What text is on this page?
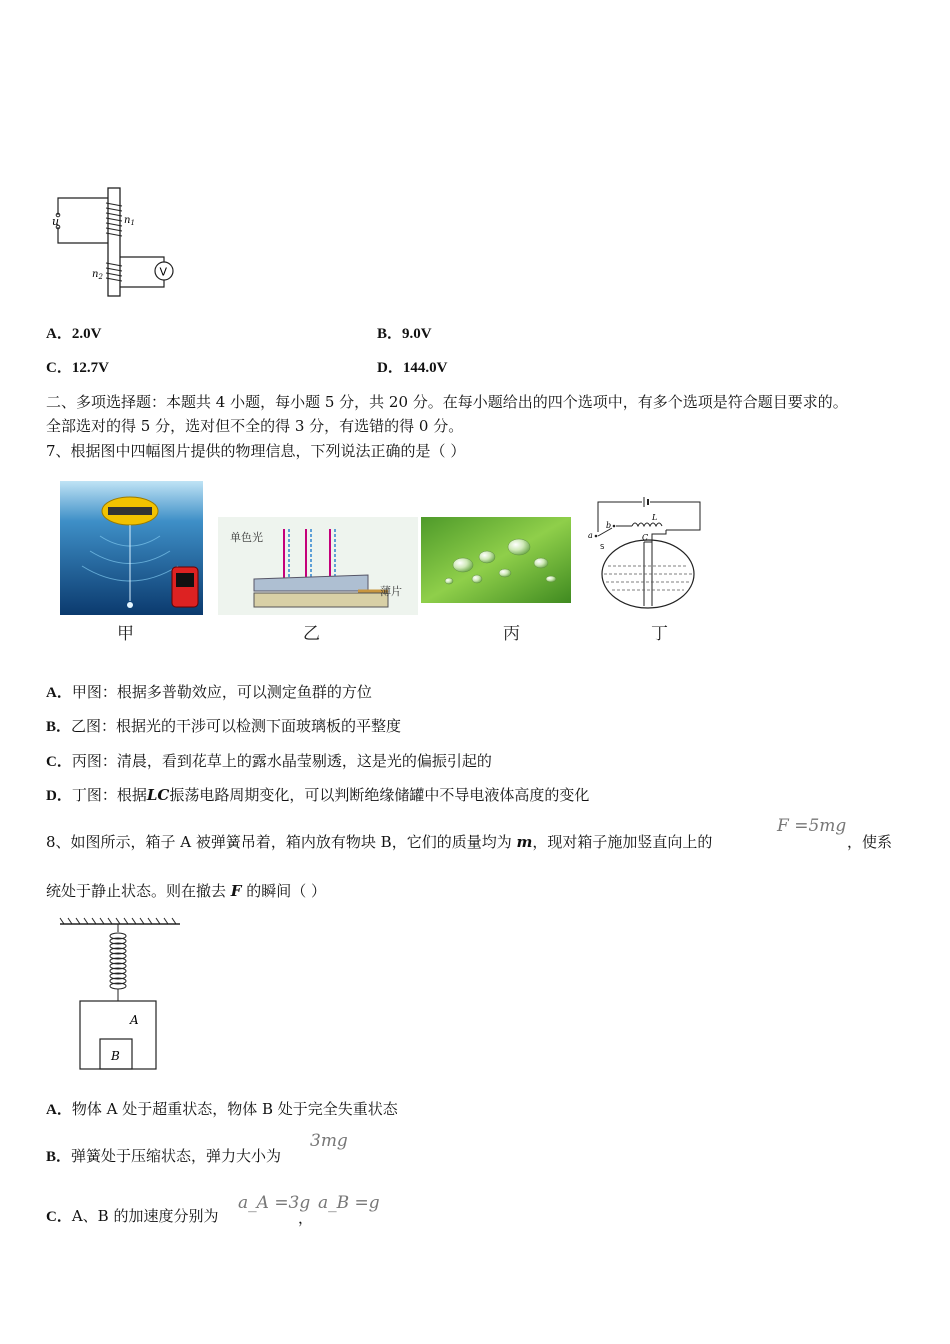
u	$n_1$
$n_2$	V
A．2.0V	B．9.0V
C．12.7V	D．144.0V
二、多项选择题：本题共 4 小题，每小题 5 分，共 20 分。在每小题给出的四个选项中，有多个选项是符合题目要求的。
全部选对的得 5 分，选对但不全的得 3 分，有选错的得 0 分。
7、根据图中四幅图片提供的物理信息，下列说法正确的是（ ）
甲
单色光
薄片
乙	丙
L
b
a
S
C
丁
A．甲图：根据多普勒效应，可以测定鱼群的方位
B．乙图：根据光的干涉可以检测下面玻璃板的平整度
C．丙图：清晨，看到花草上的露水晶莹剔透，这是光的偏振引起的
D．丁图：根据LC振荡电路周期变化，可以判断绝缘储罐中不导电液体高度的变化
8、如图所示，箱子 A 被弹簧吊着，箱内放有物块 B，它们的质量均为 m，现对箱子施加竖直向上的
F =5mg
，使系
统处于静止状态。则在撤去 F 的瞬间（ ）
A
B
A．物体 A 处于超重状态，物体 B 处于完全失重状态
B．弹簧处于压缩状态，弹力大小为
3mg
C．A、B 的加速度分别为
a_A =3g
，
a_B =g
